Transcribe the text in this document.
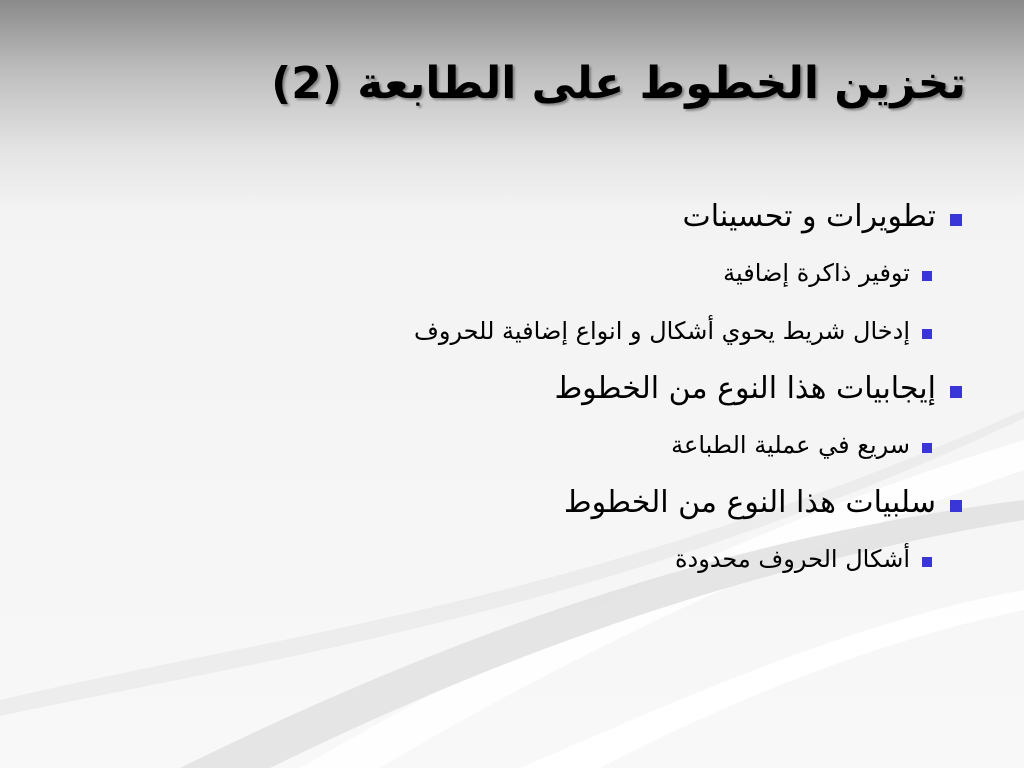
تخزين الخطوط على الطابعة (2)
تطويرات و تحسينات
توفير ذاكرة إضافية
إدخال شريط يحوي أشكال و انواع إضافية للحروف
إيجابيات هذا النوع من الخطوط
سريع في عملية الطباعة
سلبيات هذا النوع من الخطوط
أشكال الحروف محدودة
